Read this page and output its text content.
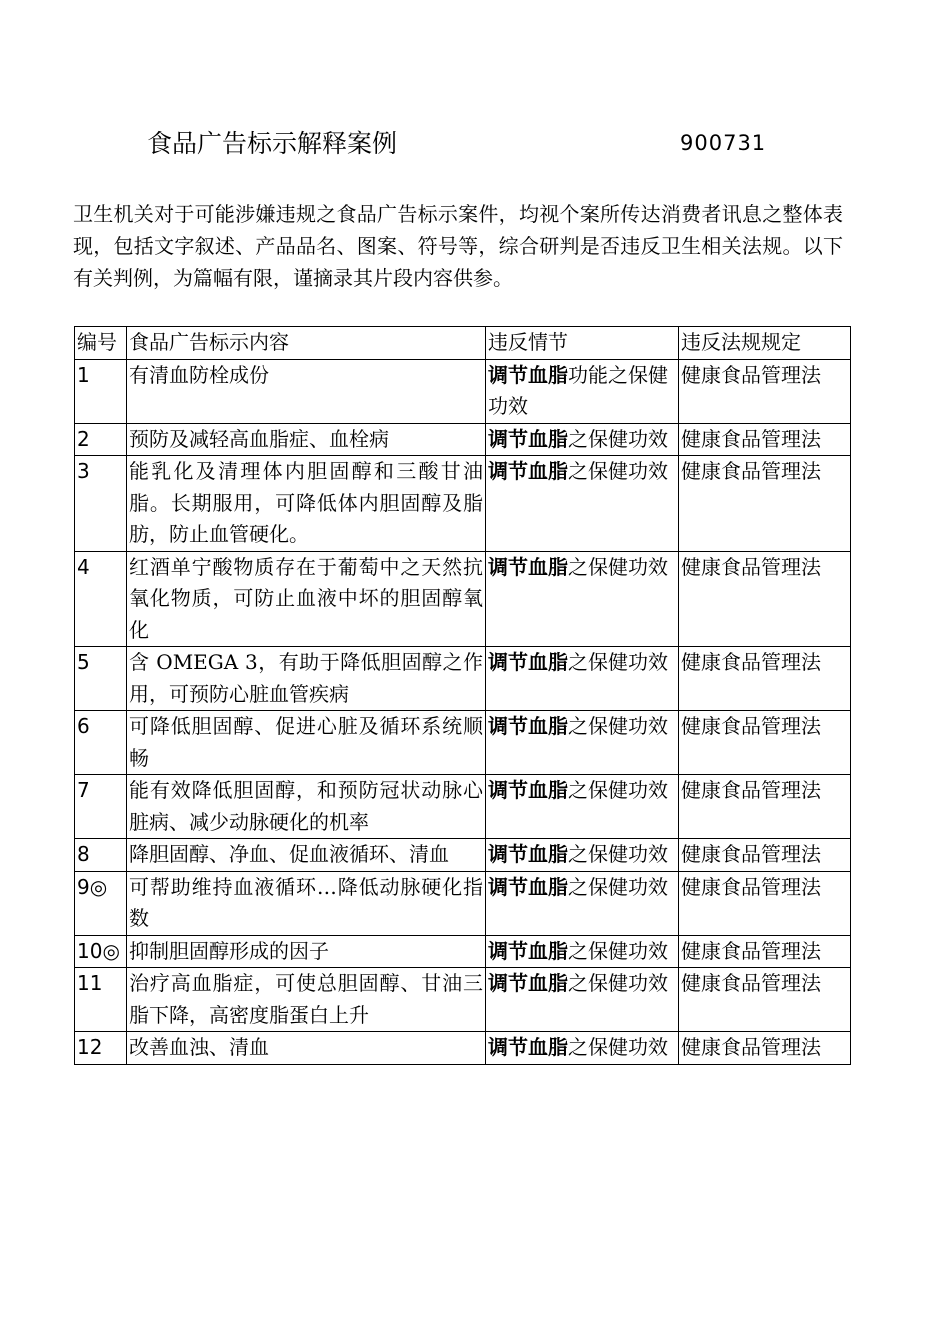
食品广告标示解释案例	900731

卫生机关对于可能涉嫌违规之食品广告标示案件，均视个案所传达消费者讯息之整体表现，包括文字叙述、产品品名、图案、符号等，综合研判是否违反卫生相关法规。以下有关判例，为篇幅有限，谨摘录其片段内容供参。

编号	食品广告标示内容	违反情节	违反法规规定
1	有清血防栓成份	调节血脂功能之保健功效	健康食品管理法
2	预防及减轻高血脂症、血栓病	调节血脂之保健功效	健康食品管理法
3	能乳化及清理体内胆固醇和三酸甘油脂。长期服用，可降低体内胆固醇及脂肪，防止血管硬化。	调节血脂之保健功效	健康食品管理法
4	红酒单宁酸物质存在于葡萄中之天然抗氧化物质，可防止血液中坏的胆固醇氧化	调节血脂之保健功效	健康食品管理法
5	含 OMEGA 3，有助于降低胆固醇之作用，可预防心脏血管疾病	调节血脂之保健功效	健康食品管理法
6	可降低胆固醇、促进心脏及循环系统顺畅	调节血脂之保健功效	健康食品管理法
7	能有效降低胆固醇，和预防冠状动脉心脏病、减少动脉硬化的机率	调节血脂之保健功效	健康食品管理法
8	降胆固醇、净血、促血液循环、清血	调节血脂之保健功效	健康食品管理法
9◎	可帮助维持血液循环…降低动脉硬化指数	调节血脂之保健功效	健康食品管理法
10◎	抑制胆固醇形成的因子	调节血脂之保健功效	健康食品管理法
11	治疗高血脂症，可使总胆固醇、甘油三脂下降，高密度脂蛋白上升	调节血脂之保健功效	健康食品管理法
12	改善血浊、清血	调节血脂之保健功效	健康食品管理法
